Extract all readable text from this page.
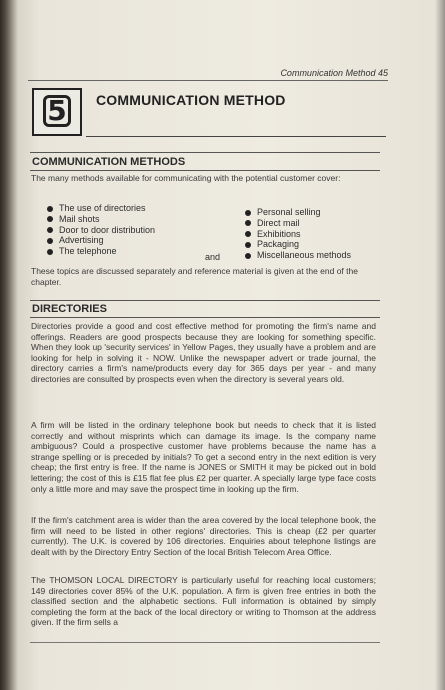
Communication Method 45
5	COMMUNICATION METHOD
COMMUNICATION METHODS
The many methods available for communicating with the potential customer cover:
The use of directories
Mail shots
Door to door distribution
Advertising
The telephone
and
Personal selling
Direct mail
Exhibitions
Packaging
Miscellaneous methods
These topics are discussed separately and reference material is given at the end of the chapter.
DIRECTORIES
Directories provide a good and cost effective method for promoting the firm's name and offerings. Readers are good prospects because they are looking for something specific. When they look up 'security services' in Yellow Pages, they usually have a problem and are looking for help in solving it - NOW. Unlike the newspaper advert or trade journal, the directory carries a firm's name/products every day for 365 days per year - and many directories are consulted by prospects even when the directory is several years old.
A firm will be listed in the ordinary telephone book but needs to check that it is listed correctly and without misprints which can damage its image. Is the company name ambiguous? Could a prospective customer have problems because the name has a strange spelling or is preceded by initials? To get a second entry in the next edition is very cheap; the first entry is free. If the name is JONES or SMITH it may be picked out in bold lettering; the cost of this is £15 flat fee plus £2 per quarter. A specially large type face costs only a little more and may save the prospect time in looking up the firm.
If the firm's catchment area is wider than the area covered by the local telephone book, the firm will need to be listed in other regions' directories. This is cheap (£2 per quarter currently). The U.K. is covered by 106 directories. Enquiries about telephone listings are dealt with by the Directory Entry Section of the local British Telecom Area Office.
The THOMSON LOCAL DIRECTORY is particularly useful for reaching local customers; 149 directories cover 85% of the U.K. population. A firm is given free entries in both the classified section and the alphabetic sections. Full information is obtained by simply completing the form at the back of the local directory or writing to Thomson at the address given. If the firm sells a
